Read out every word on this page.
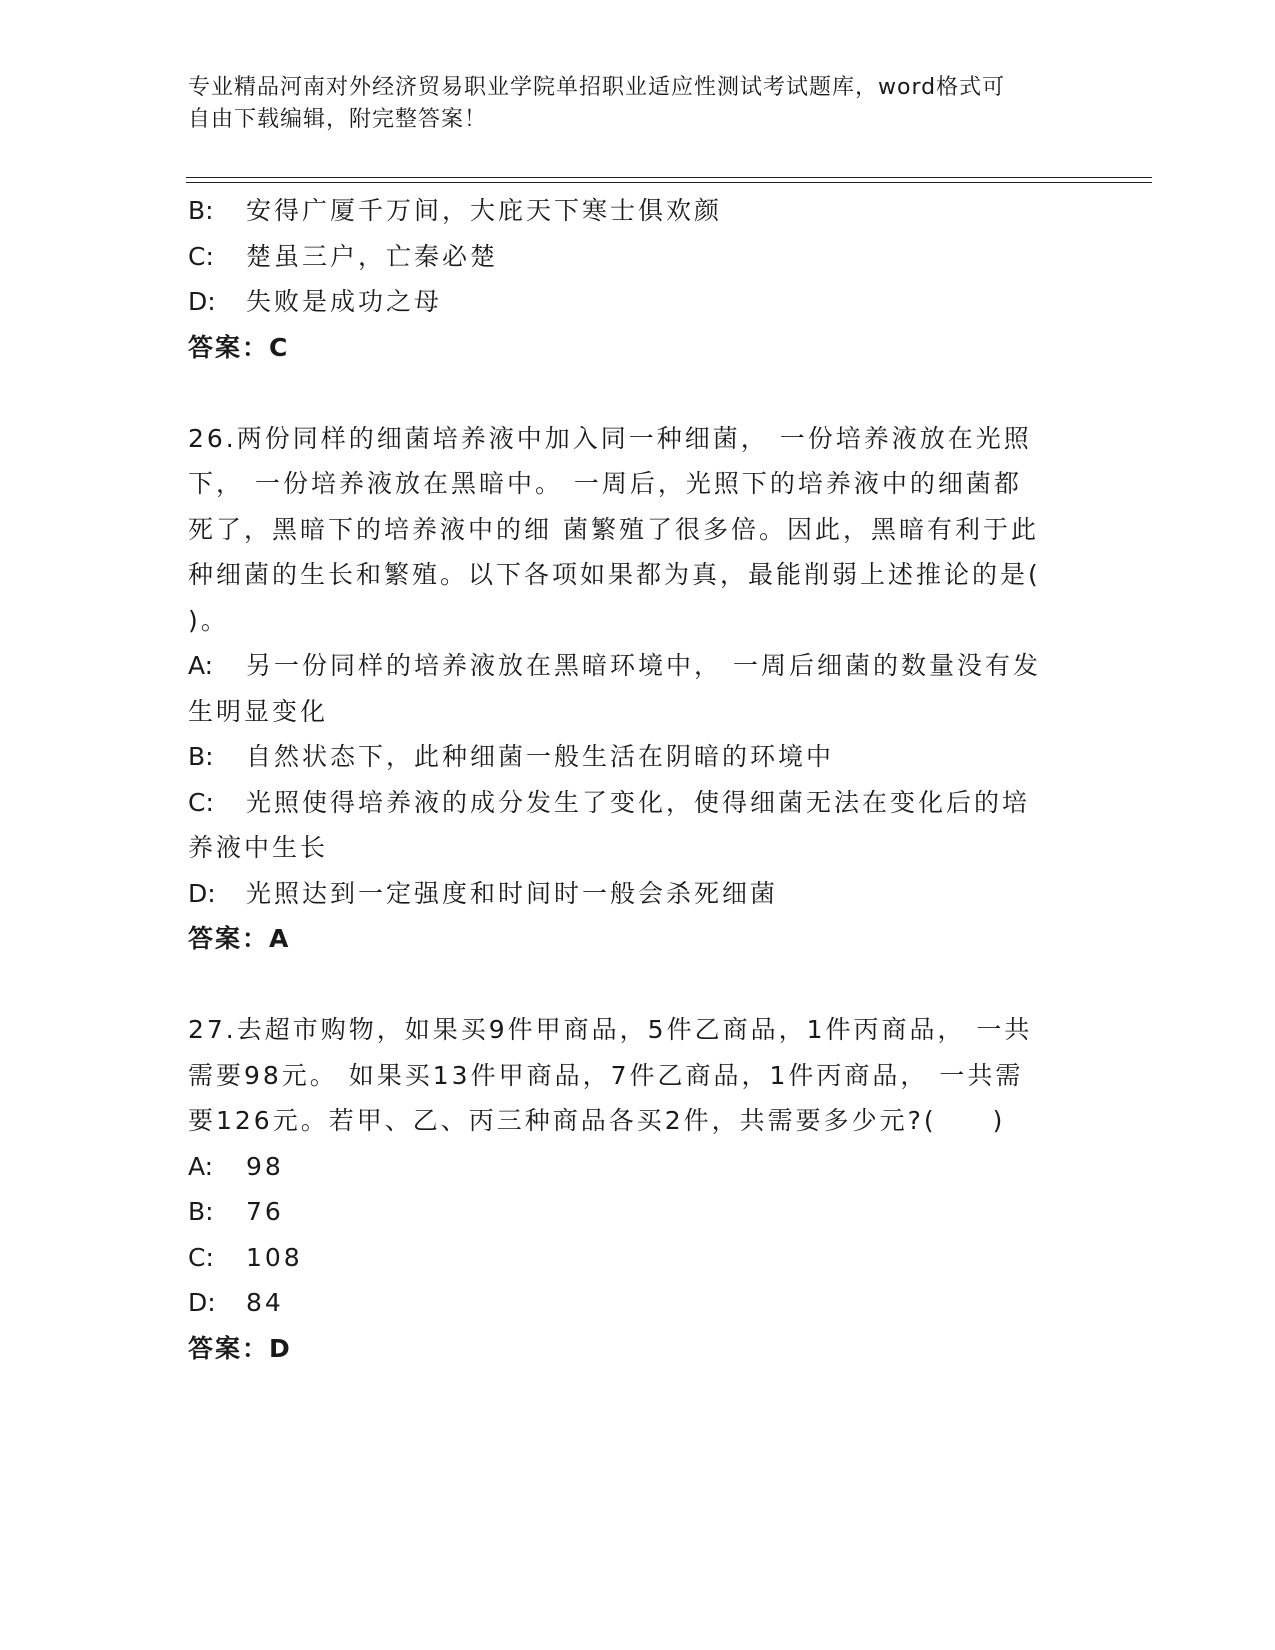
专业精品河南对外经济贸易职业学院单招职业适应性测试考试题库，word格式可
自由下载编辑，附完整答案！
B: 安得广厦千万间，大庇天下寒士俱欢颜
C: 楚虽三户，亡秦必楚
D: 失败是成功之母
答案：C
26.两份同样的细菌培养液中加入同一种细菌， 一份培养液放在光照
下， 一份培养液放在黑暗中。 一周后，光照下的培养液中的细菌都
死了，黑暗下的培养液中的细 菌繁殖了很多倍。因此，黑暗有利于此
种细菌的生长和繁殖。以下各项如果都为真，最能削弱上述推论的是(
)。
A: 另一份同样的培养液放在黑暗环境中， 一周后细菌的数量没有发
生明显变化
B: 自然状态下，此种细菌一般生活在阴暗的环境中
C: 光照使得培养液的成分发生了变化，使得细菌无法在变化后的培
养液中生长
D: 光照达到一定强度和时间时一般会杀死细菌
答案：A
27.去超市购物，如果买9件甲商品，5件乙商品，1件丙商品， 一共
需要98元。 如果买13件甲商品，7件乙商品，1件丙商品， 一共需
要126元。若甲、乙、丙三种商品各买2件，共需要多少元?(　　)
A: 98
B: 76
C: 108
D: 84
答案：D
